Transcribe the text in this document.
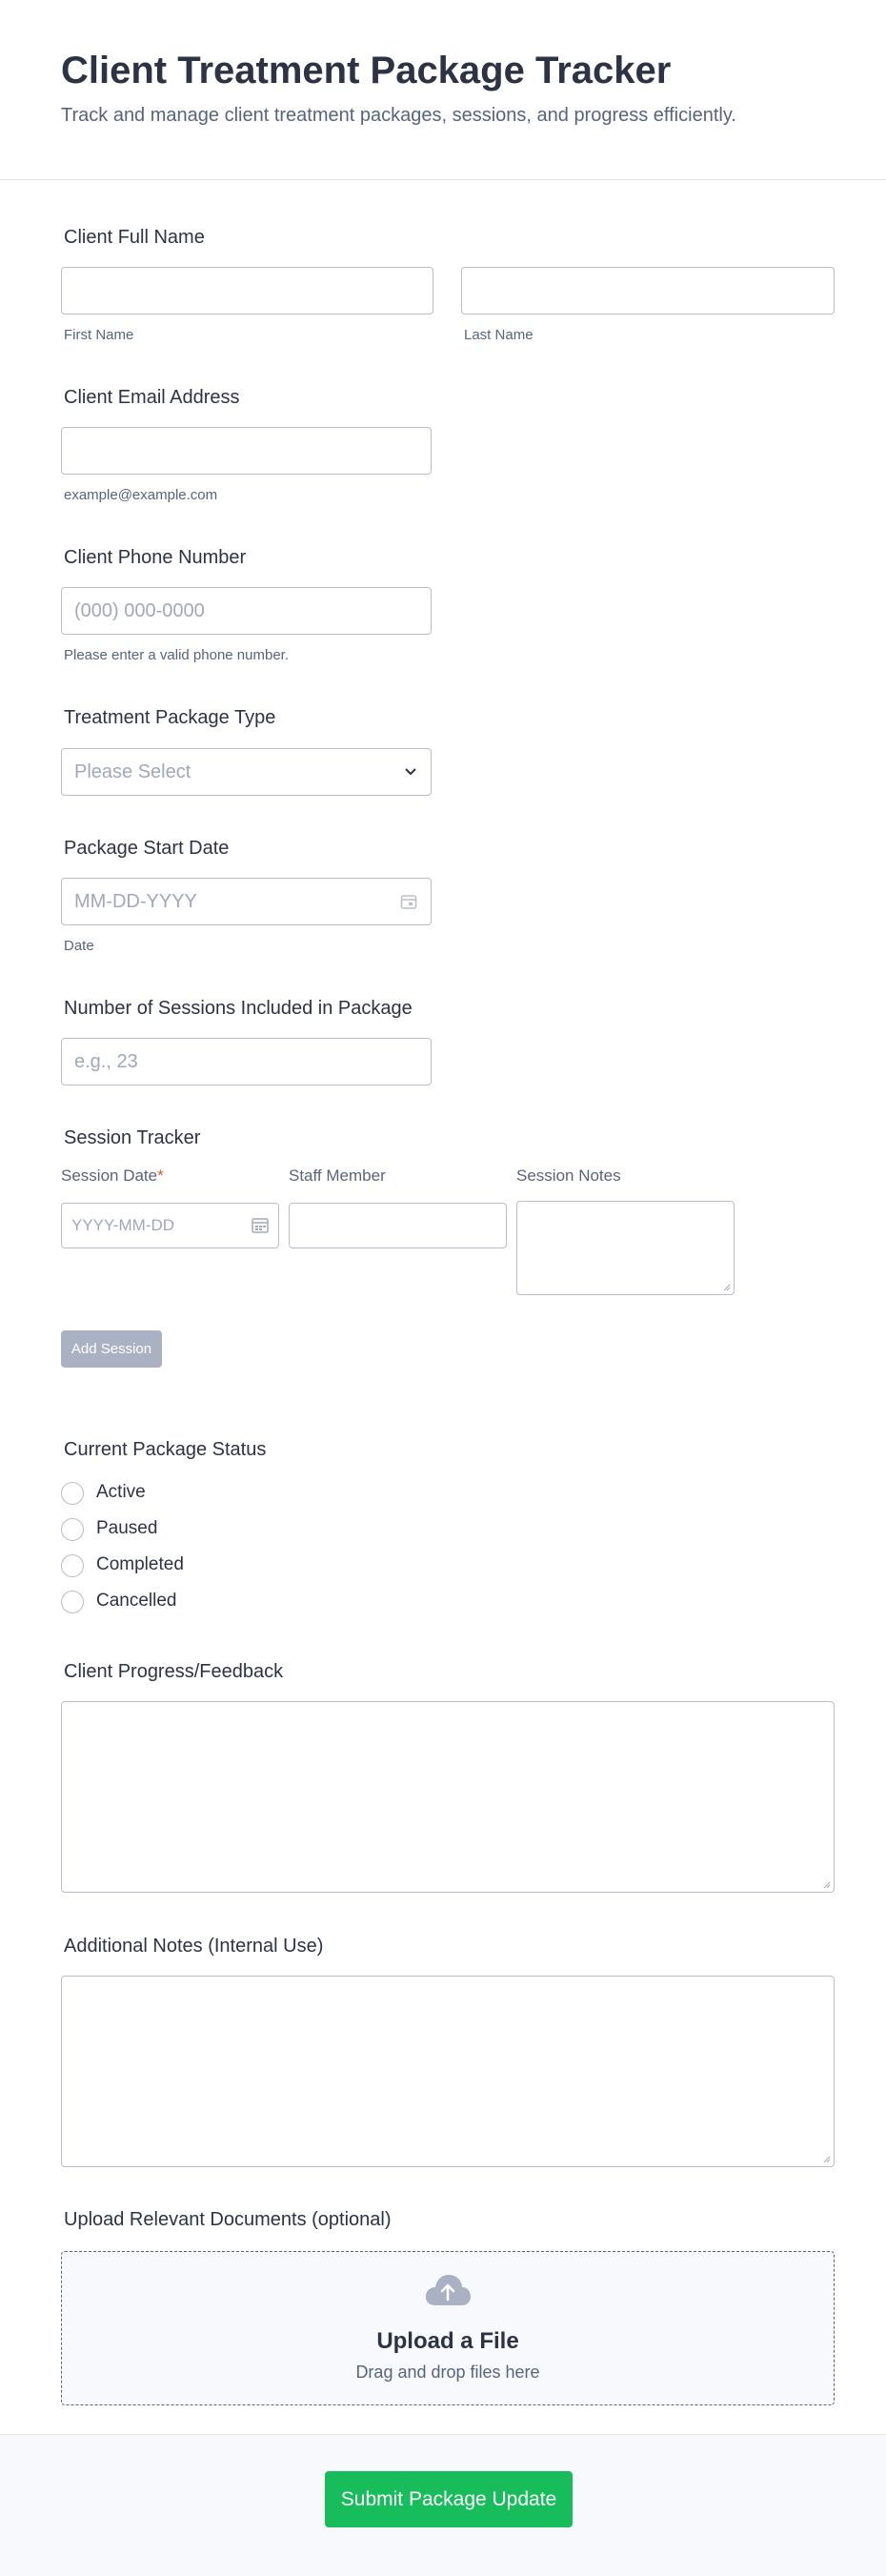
Client Treatment Package Tracker
Track and manage client treatment packages, sessions, and progress efficiently.
Client Full Name
First Name	Last Name
Client Email Address
example@example.com
Client Phone Number
(000) 000-0000
Please enter a valid phone number.
Treatment Package Type
Please Select
Package Start Date
MM-DD-YYYY
Date
Number of Sessions Included in Package
e.g., 23
Session Tracker
Session Date*	Staff Member	Session Notes
YYYY-MM-DD
Add Session
Current Package Status
Active
Paused
Completed
Cancelled
Client Progress/Feedback
Additional Notes (Internal Use)
Upload Relevant Documents (optional)
Upload a File
Drag and drop files here
Submit Package Update
